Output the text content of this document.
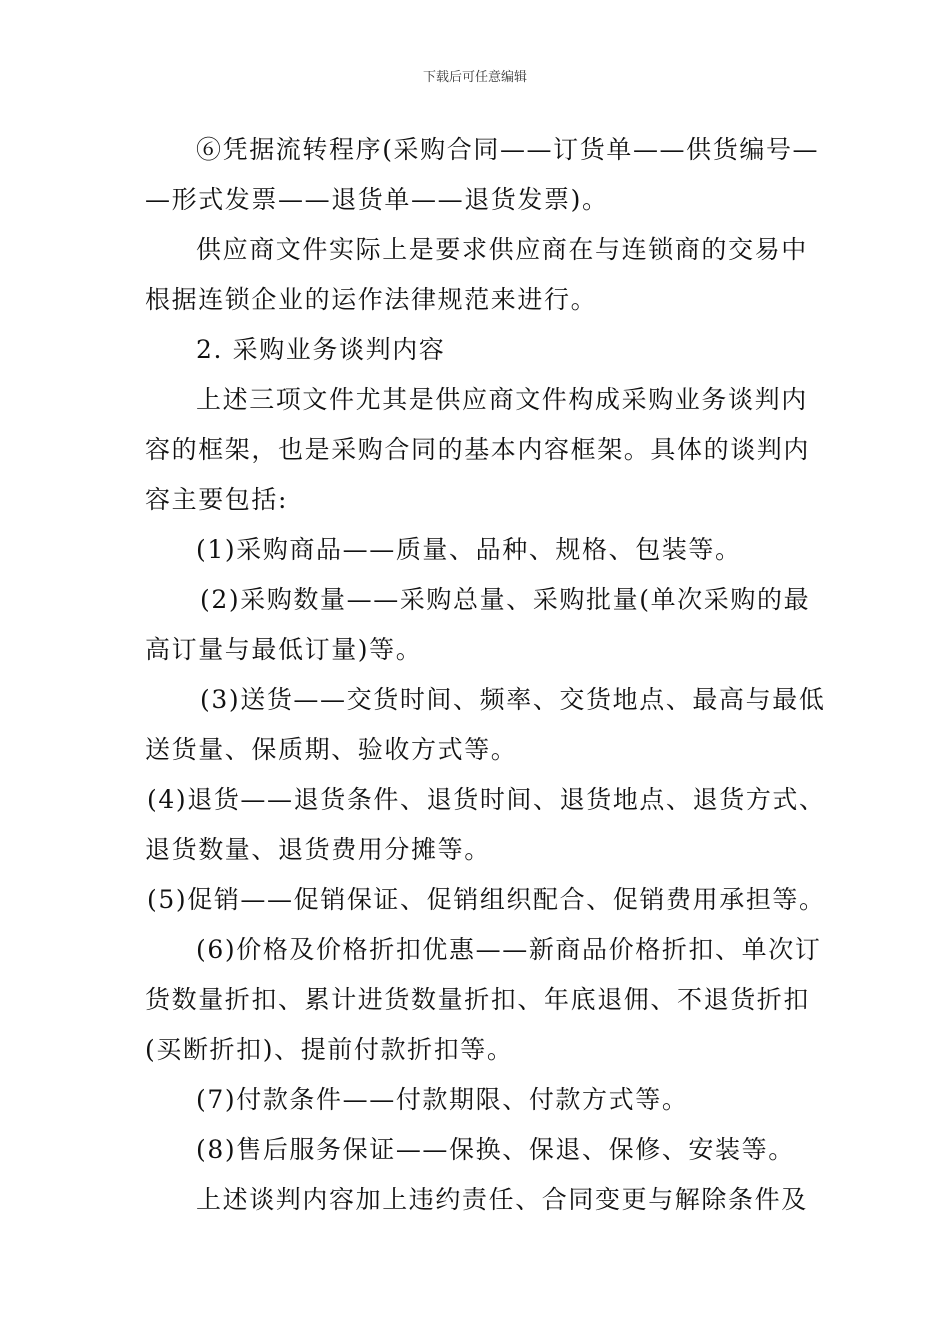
下载后可任意编辑
⑥凭据流转程序(采购合同——订货单——供货编号—
—形式发票——退货单——退货发票)。
供应商文件实际上是要求供应商在与连锁商的交易中
根据连锁企业的运作法律规范来进行。
2. 采购业务谈判内容
上述三项文件尤其是供应商文件构成采购业务谈判内
容的框架，也是采购合同的基本内容框架。具体的谈判内
容主要包括:
(1)采购商品——质量、品种、规格、包装等。
(2)采购数量——采购总量、采购批量(单次采购的最
高订量与最低订量)等。
(3)送货——交货时间、频率、交货地点、最高与最低
送货量、保质期、验收方式等。
(4)退货——退货条件、退货时间、退货地点、退货方式、
退货数量、退货费用分摊等。
(5)促销——促销保证、促销组织配合、促销费用承担等。
(6)价格及价格折扣优惠——新商品价格折扣、单次订
货数量折扣、累计进货数量折扣、年底退佣、不退货折扣
(买断折扣)、提前付款折扣等。
(7)付款条件——付款期限、付款方式等。
(8)售后服务保证——保换、保退、保修、安装等。
上述谈判内容加上违约责任、合同变更与解除条件及
